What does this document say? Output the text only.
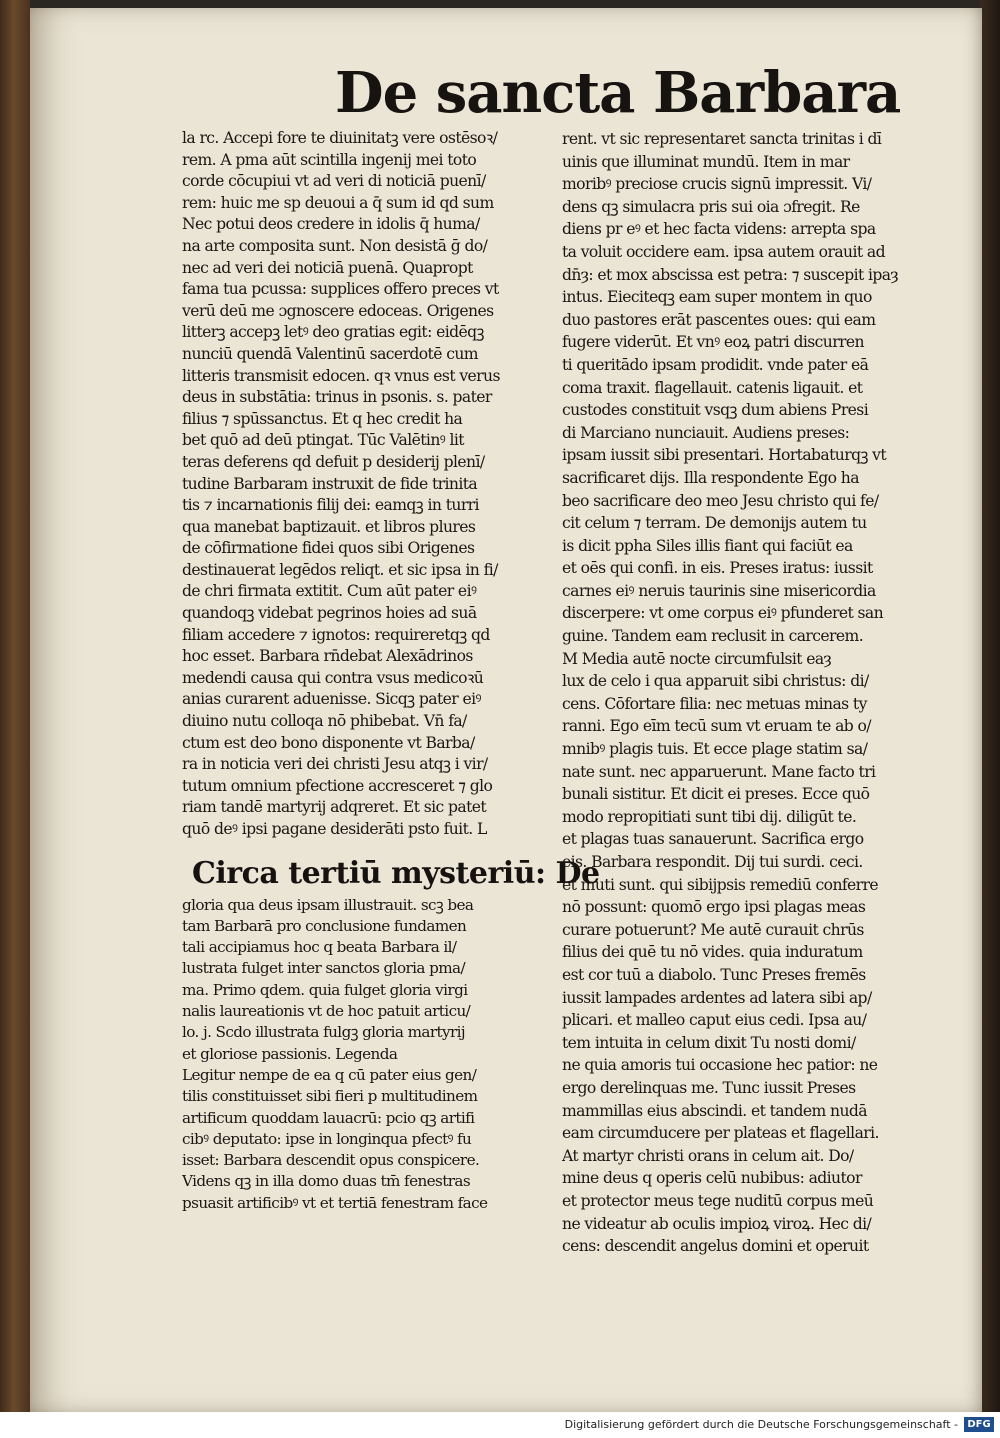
De sancta Barbara

la rc. Accepi fore te diuinitatꝫ vere ostēsoꝛ/

rem. A pma aūt scintilla ingenij mei toto

corde cōcupiui vt ad veri di noticiā puenī/

rem: huic me sp deuoui a q̄ sum id qd sum

Nec potui deos credere in idolis q̄ huma/

na arte composita sunt. Non desistā ḡ do/

nec ad veri dei noticiā puenā. Quapropt

fama tua pcussa: supplices offero preces vt

verū deū me ɔgnoscere edoceas. Origenes

litterꝫ accepꝫ letꝰ deo gratias egit: eidēqꝫ

nunciū quendā Valentinū sacerdotē cum

litteris transmisit edocen. qꝛ vnus est verus

deus in substātia: trinus in psonis. s. pater

filius ⁊ spūssanctus. Et q hec credit ha

bet quō ad deū ptingat. Tūc Valētinꝰ lit

teras deferens qd defuit p desiderij plenī/

tudine Barbaram instruxit de fide trinita

tis ⁊ incarnationis filij dei: eamqꝫ in turri

qua manebat baptizauit. et libros plures

de cōfirmatione fidei quos sibi Origenes

destinauerat legēdos reliqt. et sic ipsa in fi/

de chri firmata extitit. Cum aūt pater eiꝰ

quandoqꝫ videbat pegrinos hoies ad suā

filiam accedere ⁊ ignotos: requireretqꝫ qd

hoc esset. Barbara rn̄debat Alexādrinos

medendi causa qui contra vsus medicoꝛū

anias curarent aduenisse. Sicqꝫ pater eiꝰ

diuino nutu colloqa nō phibebat. Vn̄ fa/

ctum est deo bono disponente vt Barba/

ra in noticia veri dei christi Jesu atqꝫ i vir/

tutum omnium pfectione accresceret ⁊ glo

riam tandē martyrij adqreret. Et sic patet

quō deꝰ ipsi pagane desiderāti psto fuit. L

Circa tertiū mysteriū: De

gloria qua deus ipsam illustrauit. scꝫ bea

tam Barbarā pro conclusione fundamen

tali accipiamus hoc q beata Barbara il/

lustrata fulget inter sanctos gloria pma/

ma. Primo qdem. quia fulget gloria virgi

nalis laureationis vt de hoc patuit articu/

lo. j. Scdo illustrata fulgꝫ gloria martyrij

et gloriose passionis. Legenda

Legitur nempe de ea q cū pater eius gen/

tilis constituisset sibi fieri p multitudinem

artificum quoddam lauacrū: pcio qꝫ artifi

cibꝰ deputato: ipse in longinqua pfectꝰ fu

isset: Barbara descendit opus conspicere.

Videns qꝫ in illa domo duas tm̄ fenestras

psuasit artificibꝰ vt et tertiā fenestram face

rent. vt sic representaret sancta trinitas i dī

uinis que illuminat mundū. Item in mar

moribꝰ preciose crucis signū impressit. Vi/

dens qꝫ simulacra pris sui oia ɔfregit. Re

diens pr eꝰ et hec facta videns: arrepta spa

ta voluit occidere eam. ipsa autem orauit ad

dn̄ȝ: et mox abscissa est petra: ⁊ suscepit ipaȝ

intus. Eieciteqꝫ eam super montem in quo

duo pastores erāt pascentes oues: qui eam

fugere viderūt. Et vnꝰ eoꝝ patri discurren

ti queritādo ipsam prodidit. vnde pater eā

coma traxit. flagellauit. catenis ligauit. et

custodes constituit vsqꝫ dum abiens Presi

di Marciano nunciauit. Audiens preses:

ipsam iussit sibi presentari. Hortabaturqꝫ vt

sacrificaret dijs. Illa respondente Ego ha

beo sacrificare deo meo Jesu christo qui fe/

cit celum ⁊ terram. De demonijs autem tu

is dicit ppha Siles illis fiant qui faciūt ea

et oēs qui confi. in eis. Preses iratus: iussit

carnes eiꝰ neruis taurinis sine misericordia

discerpere: vt ome corpus eiꝰ pfunderet san

guine. Tandem eam reclusit in carcerem.

M Media autē nocte circumfulsit eaȝ

lux de celo i qua apparuit sibi christus: di/

cens. Cōfortare filia: nec metuas minas ty

ranni. Ego eīm tecū sum vt eruam te ab o/

mnibꝰ plagis tuis. Et ecce plage statim sa/

nate sunt. nec apparuerunt. Mane facto tri

bunali sistitur. Et dicit ei preses. Ecce quō

modo repropitiati sunt tibi dij. diligūt te.

et plagas tuas sanauerunt. Sacrifica ergo

eis. Barbara respondit. Dij tui surdi. ceci.

et muti sunt. qui sibijpsis remediū conferre

nō possunt: quomō ergo ipsi plagas meas

curare potuerunt? Me autē curauit chrūs

filius dei quē tu nō vides. quia induratum

est cor tuū a diabolo. Tunc Preses fremēs

iussit lampades ardentes ad latera sibi ap/

plicari. et malleo caput eius cedi. Ipsa au/

tem intuita in celum dixit Tu nosti domi/

ne quia amoris tui occasione hec patior: ne

ergo derelinquas me. Tunc iussit Preses

mammillas eius abscindi. et tandem nudā

eam circumducere per plateas et flagellari.

At martyr christi orans in celum ait. Do/

mine deus q operis celū nubibus: adiutor

et protector meus tege nuditū corpus meū

ne videatur ab oculis impioꝝ viroꝝ. Hec di/

cens: descendit angelus domini et operuit

Digitalisierung gefördert durch die Deutsche Forschungsgemeinschaft - DFG
